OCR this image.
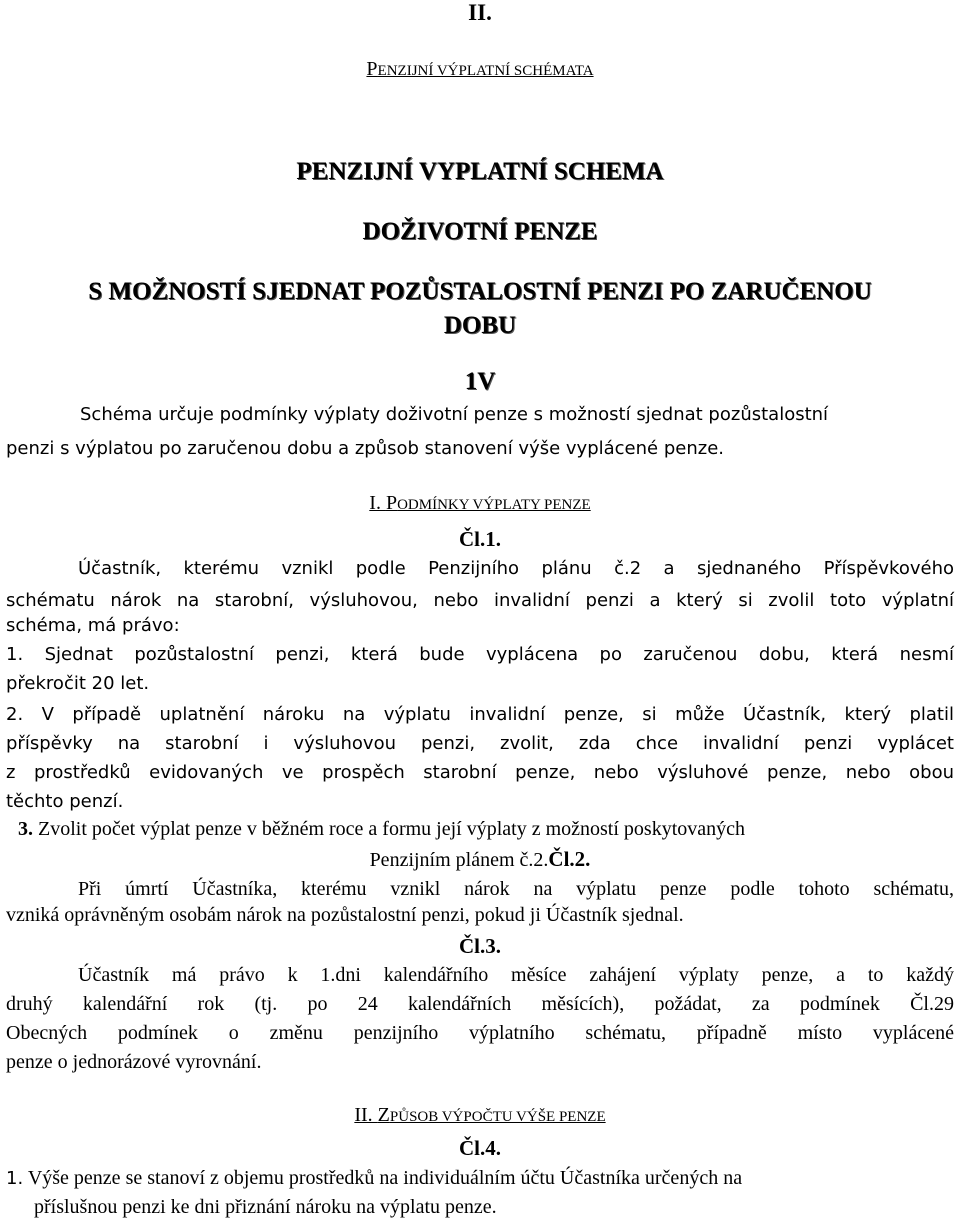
II.
PENZIJNÍ VÝPLATNÍ SCHÉMATA
PENZIJNÍ VYPLATNÍ SCHEMA
DOŽIVOTNÍ PENZE
S MOŽNOSTÍ SJEDNAT POZŮSTALOSTNÍ PENZI PO ZARUČENOU
DOBU
1V
Schéma určuje podmínky výplaty doživotní penze s možností sjednat pozůstalostní
penzi s výplatou po zaručenou dobu a způsob stanovení výše vyplácené penze.
I. PODMÍNKY VÝPLATY PENZE
Čl.1.
Účastník, kterému vznikl podle Penzijního plánu č.2 a sjednaného Příspěvkového
schématu nárok na starobní, výsluhovou, nebo invalidní penzi a který si zvolil toto výplatní
schéma, má právo:
1. Sjednat pozůstalostní penzi, která bude vyplácena po zaručenou dobu, která nesmí
překročit 20 let.
2. V případě uplatnění nároku na výplatu invalidní penze, si může Účastník, který platil
příspěvky na starobní i výsluhovou penzi, zvolit, zda chce invalidní penzi vyplácet
z prostředků evidovaných ve prospěch starobní penze, nebo výsluhové penze, nebo obou
těchto penzí.
3. Zvolit počet výplat penze v běžném roce a formu její výplaty z možností poskytovaných
Penzijním plánem č.2.Čl.2.
Při úmrtí Účastníka, kterému vznikl nárok na výplatu penze podle tohoto schématu,
vzniká oprávněným osobám nárok na pozůstalostní penzi, pokud ji Účastník sjednal.
Čl.3.
Účastník má právo k 1.dni kalendářního měsíce zahájení výplaty penze, a to každý
druhý kalendářní rok (tj. po 24 kalendářních měsících), požádat, za podmínek Čl.29
Obecných podmínek o změnu penzijního výplatního schématu, případně místo vyplácené
penze o jednorázové vyrovnání.
II. ZPŮSOB VÝPOČTU VÝŠE PENZE
Čl.4.
1. Výše penze se stanoví z objemu prostředků na individuálním účtu Účastníka určených na
příslušnou penzi ke dni přiznání nároku na výplatu penze.
